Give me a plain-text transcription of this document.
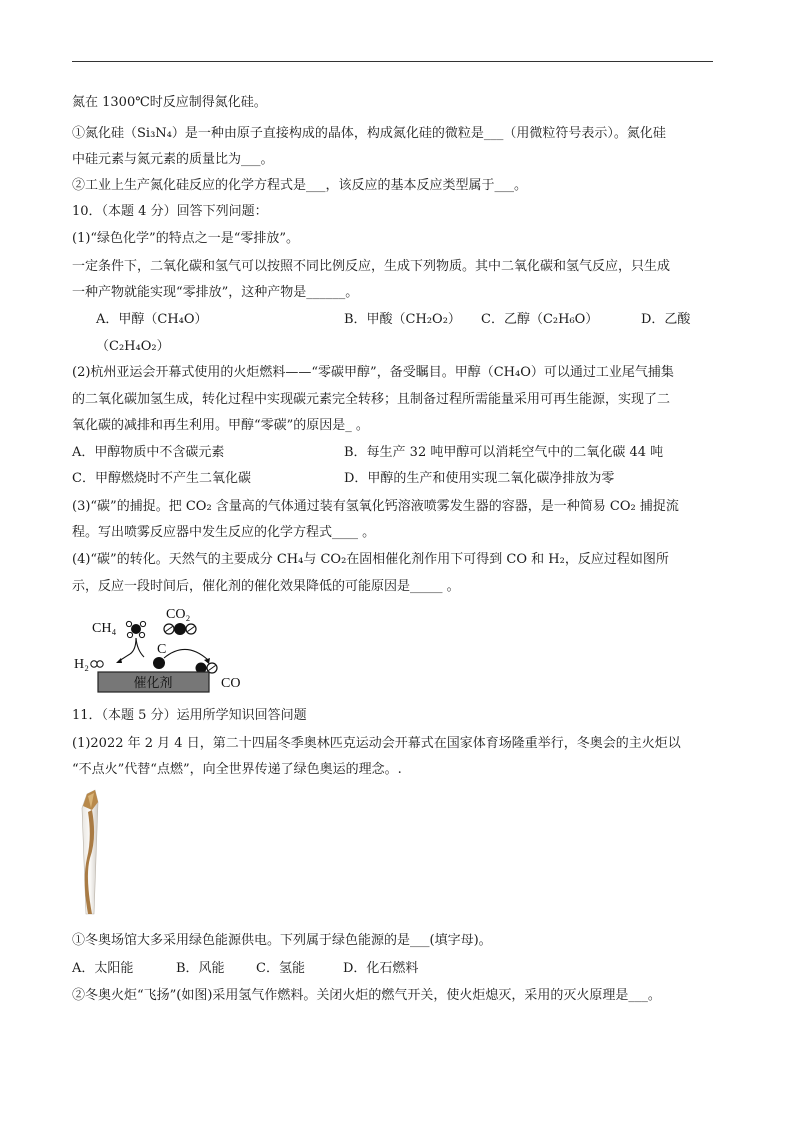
氮在 1300℃时反应制得氮化硅。
①氮化硅（Si₃N₄）是一种由原子直接构成的晶体，构成氮化硅的微粒是___（用微粒符号表示）。氮化硅
中硅元素与氮元素的质量比为___。
②工业上生产氮化硅反应的化学方程式是___，该反应的基本反应类型属于___。
10．（本题 4 分）回答下列问题：
(1)“绿色化学”的特点之一是“零排放”。
一定条件下，二氧化碳和氢气可以按照不同比例反应，生成下列物质。其中二氧化碳和氢气反应，只生成
一种产物就能实现“零排放”，这种产物是______。
A．甲醇（CH₄O）	B．甲酸（CH₂O₂） C．乙醇（C₂H₆O）	D．乙酸
（C₂H₄O₂）
(2)杭州亚运会开幕式使用的火炬燃料——“零碳甲醇”，备受瞩目。甲醇（CH₄O）可以通过工业尾气捕集
的二氧化碳加氢生成，转化过程中实现碳元素完全转移；且制备过程所需能量采用可再生能源，实现了二
氧化碳的减排和再生利用。甲醇“零碳”的原因是_ 。
A．甲醇物质中不含碳元素	B．每生产 32 吨甲醇可以消耗空气中的二氧化碳 44 吨
C．甲醇燃烧时不产生二氧化碳	D．甲醇的生产和使用实现二氧化碳净排放为零
(3)“碳”的捕捉。把 CO₂ 含量高的气体通过装有氢氧化钙溶液喷雾发生器的容器，是一种简易 CO₂ 捕捉流
程。写出喷雾反应器中发生反应的化学方程式____ 。
(4)“碳”的转化。天然气的主要成分 CH₄与 CO₂在固相催化剂作用下可得到 CO 和 H₂，反应过程如图所
示，反应一段时间后，催化剂的催化效果降低的可能原因是_____ 。
CH₄
CO₂
C
H₂
催化剂	CO
11．（本题 5 分）运用所学知识回答问题
(1)2022 年 2 月 4 日，第二十四届冬季奥林匹克运动会开幕式在国家体育场隆重举行，冬奥会的主火炬以
“不点火”代替“点燃”，向全世界传递了绿色奥运的理念。.
①冬奥场馆大多采用绿色能源供电。下列属于绿色能源的是___(填字母)。
A．太阳能	B．风能 C．氢能	D．化石燃料
②冬奥火炬“飞扬”(如图)采用氢气作燃料。关闭火炬的燃气开关，使火炬熄灭，采用的灭火原理是___。
